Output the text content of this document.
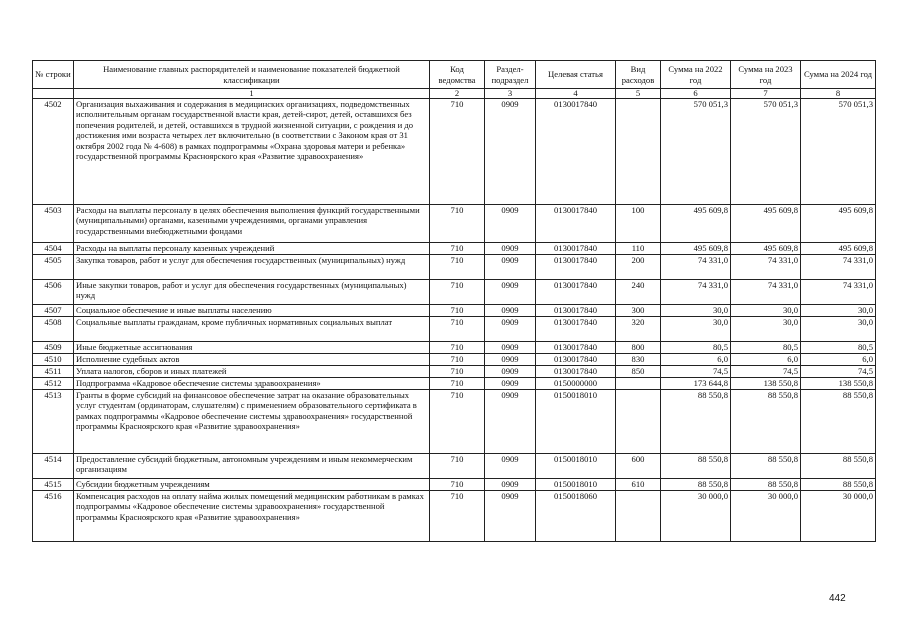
№ строки	Наименование главных распорядителей и наименование показателей бюджетной классификации	Код ведомства	Раздел-подраздел	Целевая статья	Вид расходов	Сумма на 2022 год	Сумма на 2023 год	Сумма на 2024 год
	1	2	3	4	5	6	7	8
4502	Организация выхаживания и содержания в медицинских организациях, подведомственных исполнительным органам государственной власти края, детей-сирот, детей, оставшихся без попечения родителей, и детей, оставшихся в трудной жизненной ситуации, с рождения и до достижения ими возраста четырех лет включительно (в соответствии с Законом края от 31 октября 2002 года № 4-608) в рамках подпрограммы «Охрана здоровья матери и ребенка» государственной программы Красноярского края «Развитие здравоохранения»	710	0909	0130017840		570 051,3	570 051,3	570 051,3
4503	Расходы на выплаты персоналу в целях обеспечения выполнения функций государственными (муниципальными) органами, казенными учреждениями, органами управления государственными внебюджетными фондами	710	0909	0130017840	100	495 609,8	495 609,8	495 609,8
4504	Расходы на выплаты персоналу казенных учреждений	710	0909	0130017840	110	495 609,8	495 609,8	495 609,8
4505	Закупка товаров, работ и услуг для обеспечения государственных (муниципальных) нужд	710	0909	0130017840	200	74 331,0	74 331,0	74 331,0
4506	Иные закупки товаров, работ и услуг для обеспечения государственных (муниципальных) нужд	710	0909	0130017840	240	74 331,0	74 331,0	74 331,0
4507	Социальное обеспечение и иные выплаты населению	710	0909	0130017840	300	30,0	30,0	30,0
4508	Социальные выплаты гражданам, кроме публичных нормативных социальных выплат	710	0909	0130017840	320	30,0	30,0	30,0
4509	Иные бюджетные ассигнования	710	0909	0130017840	800	80,5	80,5	80,5
4510	Исполнение судебных актов	710	0909	0130017840	830	6,0	6,0	6,0
4511	Уплата налогов, сборов и иных платежей	710	0909	0130017840	850	74,5	74,5	74,5
4512	Подпрограмма «Кадровое обеспечение системы здравоохранения»	710	0909	0150000000		173 644,8	138 550,8	138 550,8
4513	Гранты в форме субсидий на финансовое обеспечение затрат на оказание образовательных услуг студентам (ординаторам, слушателям) с применением образовательного сертификата в рамках подпрограммы «Кадровое обеспечение системы здравоохранения» государственной программы Красноярского края «Развитие здравоохранения»	710	0909	0150018010		88 550,8	88 550,8	88 550,8
4514	Предоставление субсидий бюджетным, автономным учреждениям и иным некоммерческим организациям	710	0909	0150018010	600	88 550,8	88 550,8	88 550,8
4515	Субсидии бюджетным учреждениям	710	0909	0150018010	610	88 550,8	88 550,8	88 550,8
4516	Компенсация расходов на оплату найма жилых помещений медицинским работникам в рамках подпрограммы «Кадровое обеспечение системы здравоохранения» государственной программы Красноярского края «Развитие здравоохранения»	710	0909	0150018060		30 000,0	30 000,0	30 000,0
442
